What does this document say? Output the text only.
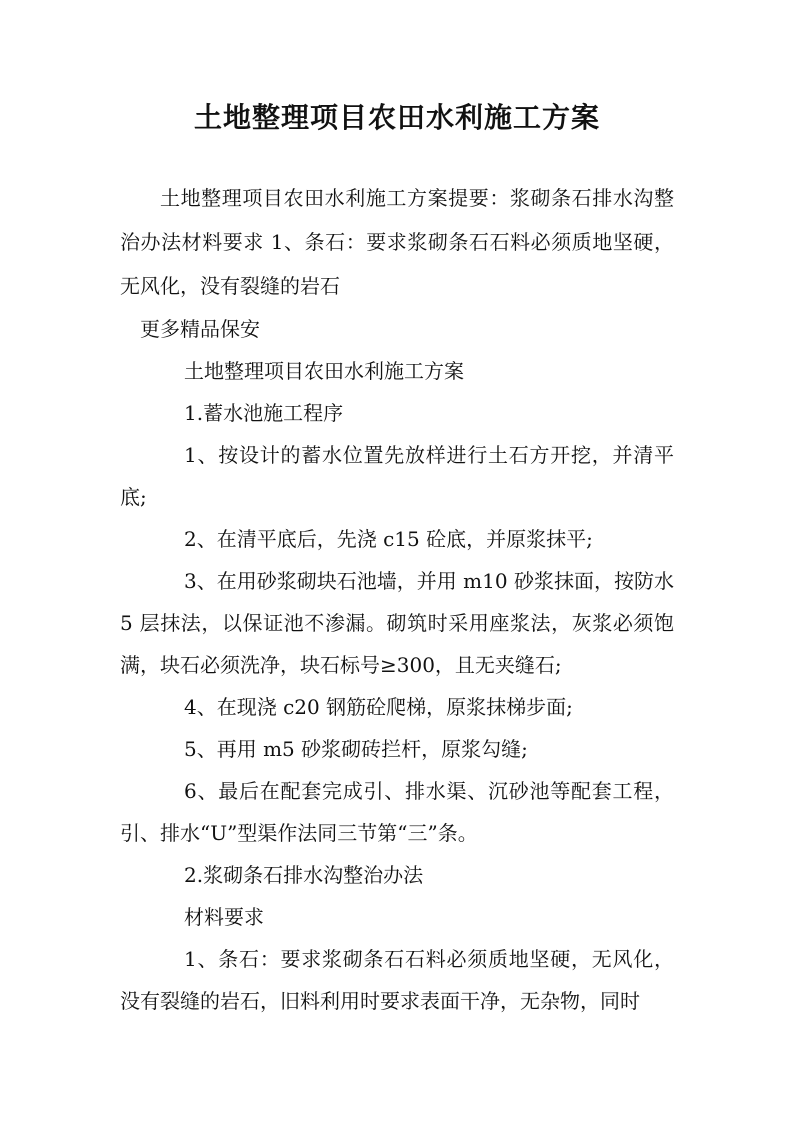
土地整理项目农田水利施工方案

土地整理项目农田水利施工方案提要：浆砌条石排水沟整治办法材料要求 1、条石：要求浆砌条石石料必须质地坚硬，无风化，没有裂缝的岩石

更多精品保安

土地整理项目农田水利施工方案

1.蓄水池施工程序

1、按设计的蓄水位置先放样进行土石方开挖，并清平底;

2、在清平底后，先浇 c15 砼底，并原浆抹平;

3、在用砂浆砌块石池墙，并用 m10 砂浆抹面，按防水 5 层抹法，以保证池不渗漏。砌筑时采用座浆法，灰浆必须饱满，块石必须洗净，块石标号≥300，且无夹缝石;

4、在现浇 c20 钢筋砼爬梯，原浆抹梯步面;

5、再用 m5 砂浆砌砖拦杆，原浆勾缝;

6、最后在配套完成引、排水渠、沉砂池等配套工程，引、排水“U”型渠作法同三节第“三”条。

2.浆砌条石排水沟整治办法

材料要求

1、条石：要求浆砌条石石料必须质地坚硬，无风化，没有裂缝的岩石，旧料利用时要求表面干净，无杂物，同时
